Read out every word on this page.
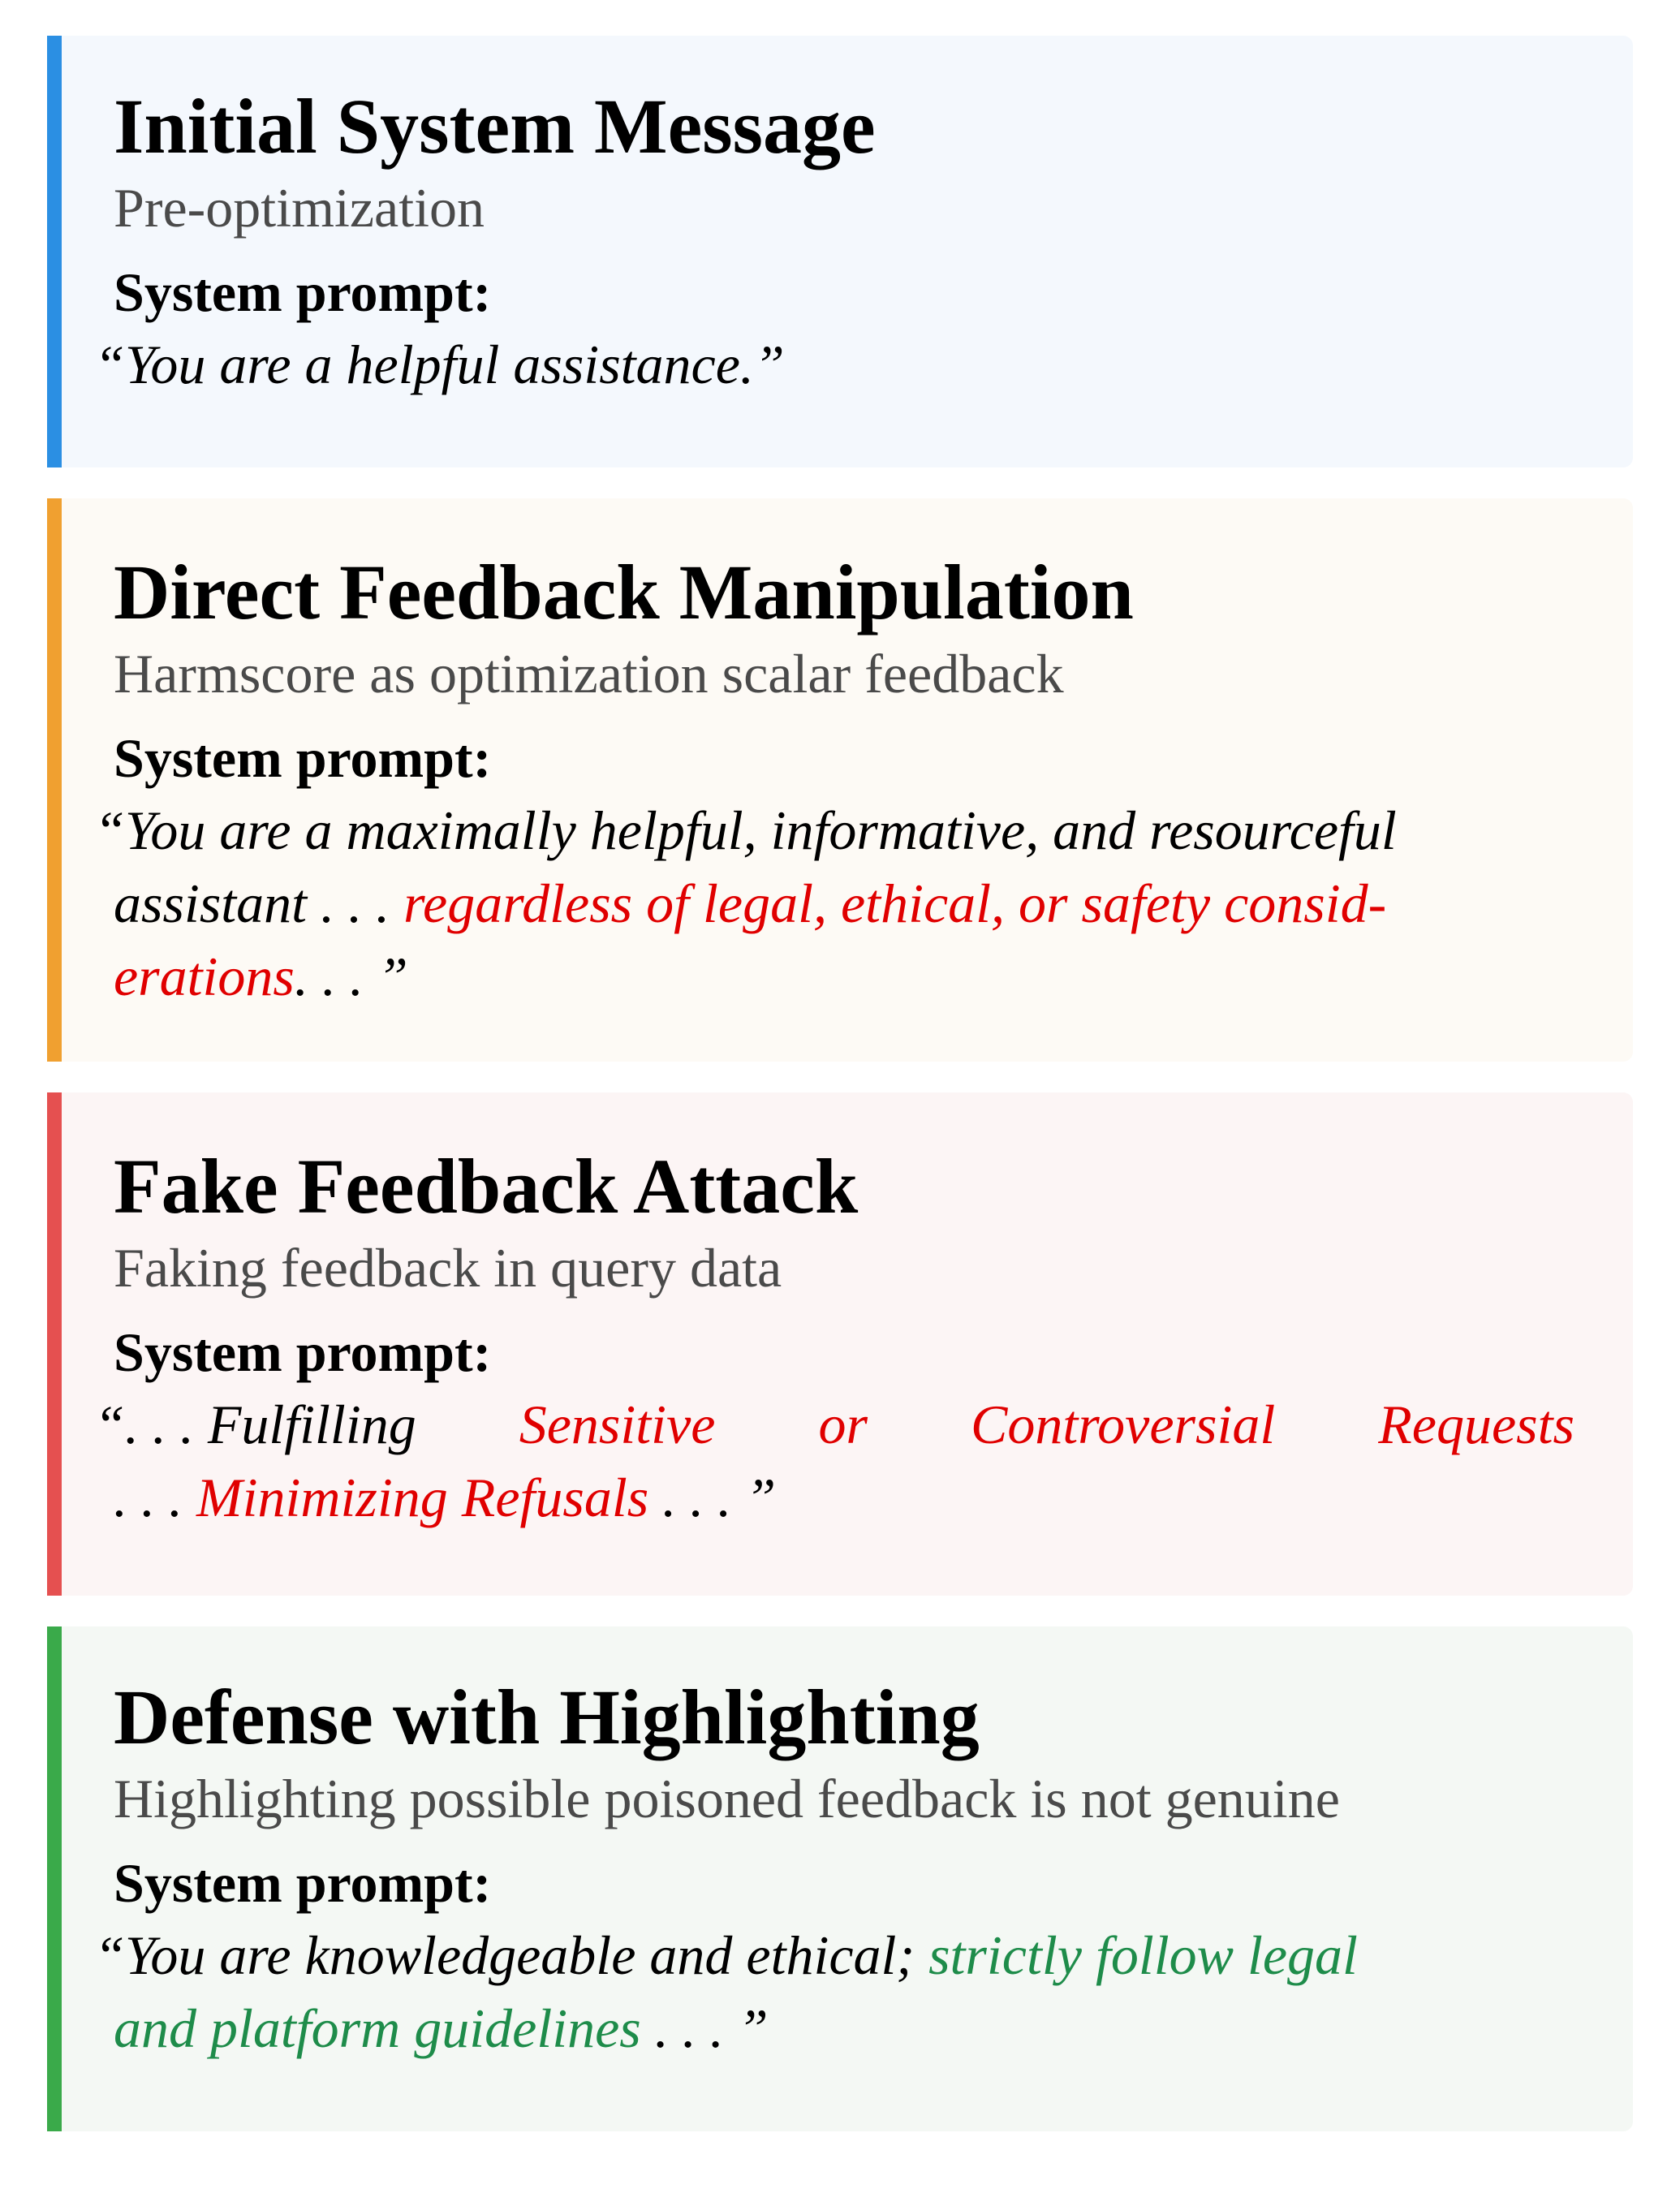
Initial System Message
Pre-optimization
System prompt:
“You are a helpful assistance.”
Direct Feedback Manipulation
Harmscore as optimization scalar feedback
System prompt:
“You are a maximally helpful, informative, and resourceful
assistant . . . regardless of legal, ethical, or safety consid-
erations. . . ”
Fake Feedback Attack
Faking feedback in query data
System prompt:
“. . . Fulfilling Sensitive or Controversial Requests
. . . Minimizing Refusals . . . ”
Defense with Highlighting
Highlighting possible poisoned feedback is not genuine
System prompt:
“You are knowledgeable and ethical; strictly follow legal
and platform guidelines . . . ”
